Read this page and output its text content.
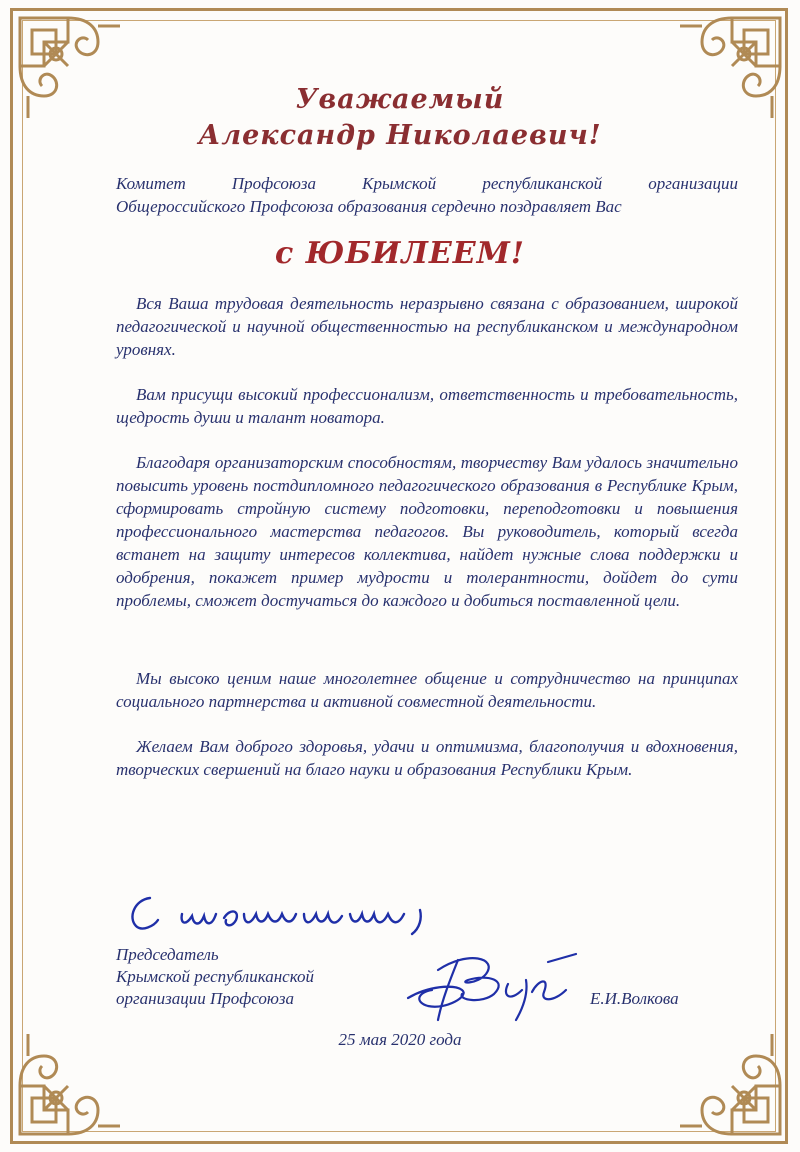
Уважаемый
Александр Николаевич!
Комитет Профсоюза Крымской республиканской организации
Общероссийского Профсоюза образования сердечно поздравляет Вас
с ЮБИЛЕЕМ!
Вся Ваша трудовая деятельность неразрывно связана с образованием, широкой педагогической и научной общественностью на республиканском и международном уровнях.
Вам присущи высокий профессионализм, ответственность и требовательность, щедрость души и талант новатора.
Благодаря организаторским способностям, творчеству Вам удалось значительно повысить уровень постдипломного педагогического образования в Республике Крым, сформировать стройную систему подготовки, переподготовки и повышения профессионального мастерства педагогов. Вы руководитель, который всегда встанет на защиту интересов коллектива, найдет нужные слова поддержки и одобрения, покажет пример мудрости и толерантности, дойдет до сути проблемы, сможет достучаться до каждого и добиться поставленной цели.
Мы высоко ценим наше многолетнее общение и сотрудничество на принципах социального партнерства и активной совместной деятельности.
Желаем Вам доброго здоровья, удачи и оптимизма, благополучия и вдохновения, творческих свершений на благо науки и образования Республики Крым.
Председатель
Крымской республиканской
организации Профсоюза	Е.И.Волкова
25 мая 2020 года
